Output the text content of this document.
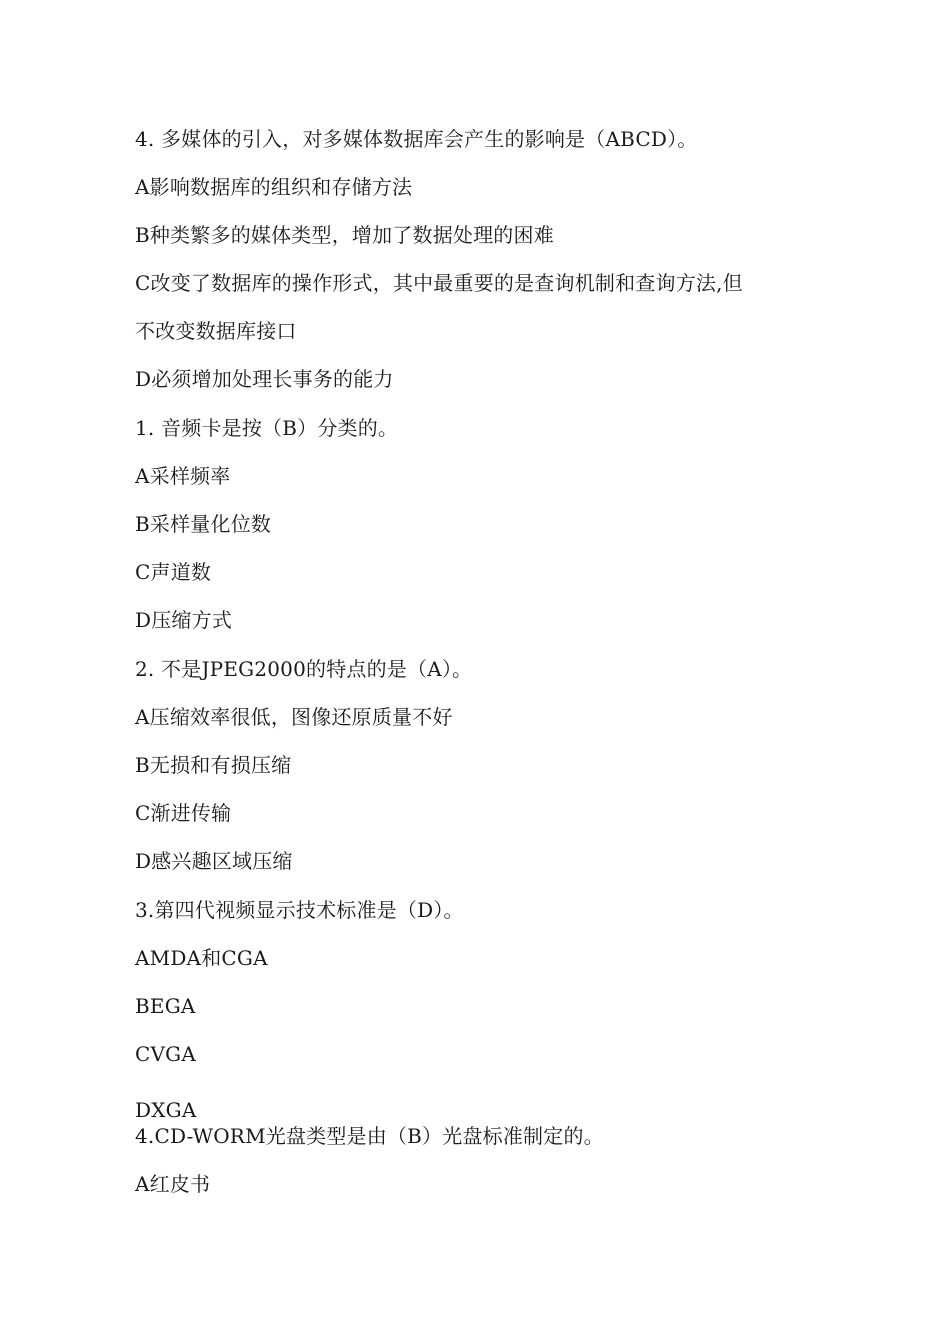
4. 多媒体的引入，对多媒体数据库会产生的影响是（ABCD）。
A影响数据库的组织和存储方法
B种类繁多的媒体类型，增加了数据处理的困难
C改变了数据库的操作形式，其中最重要的是查询机制和查询方法,但
不改变数据库接口
D必须增加处理长事务的能力
1. 音频卡是按（B）分类的。
A采样频率
B采样量化位数
C声道数
D压缩方式
2. 不是JPEG2000的特点的是（A）。
A压缩效率很低，图像还原质量不好
B无损和有损压缩
C渐进传输
D感兴趣区域压缩
3.第四代视频显示技术标准是（D）。
AMDA和CGA
BEGA
CVGA
DXGA
4.CD-WORM光盘类型是由（B）光盘标准制定的。
A红皮书
